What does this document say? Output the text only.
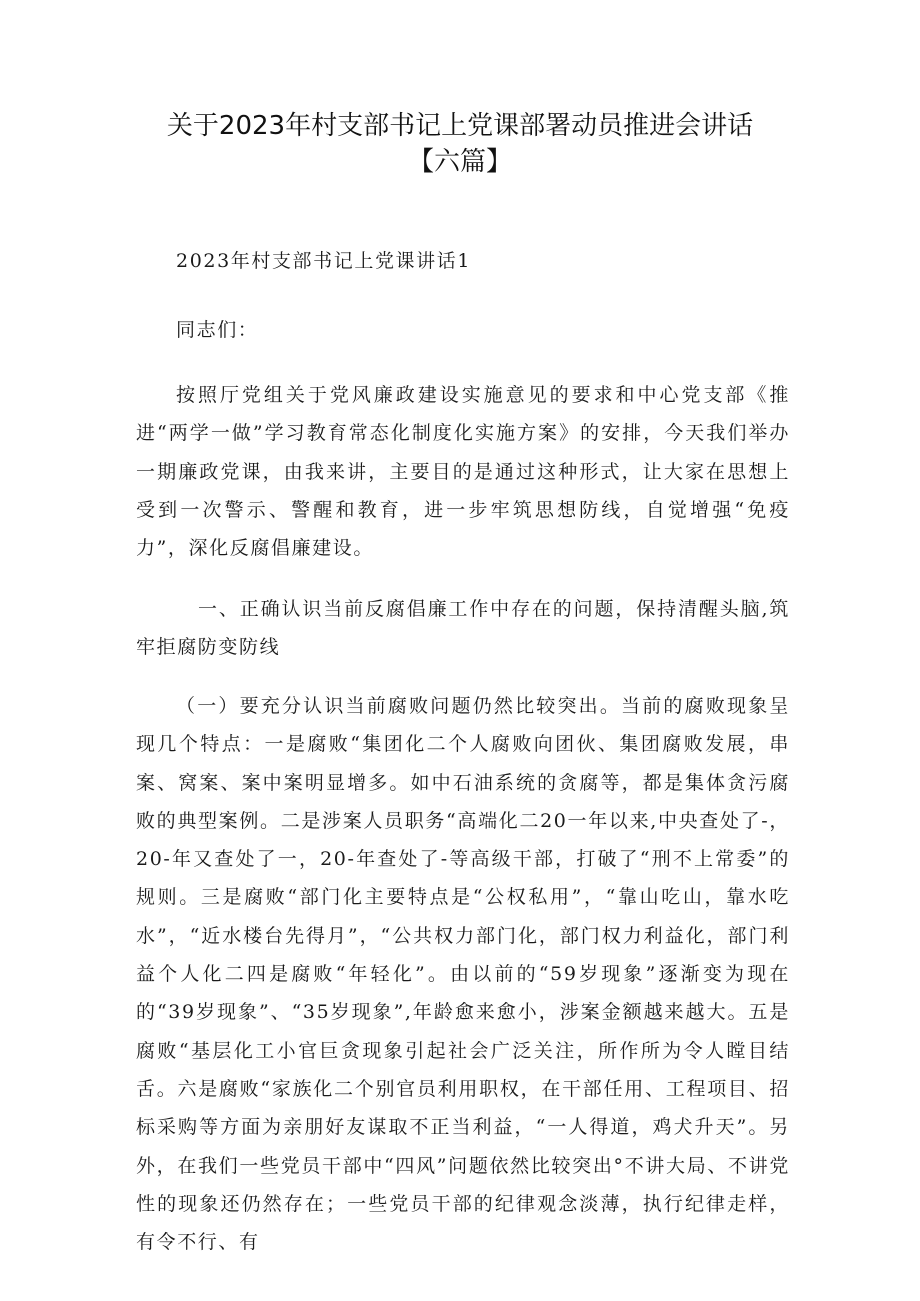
关于2023年村支部书记上党课部署动员推进会讲话
【六篇】
2023年村支部书记上党课讲话1
同志们：
按照厅党组关于党风廉政建设实施意见的要求和中心党支部《推进“两学一做”学习教育常态化制度化实施方案》的安排，今天我们举办一期廉政党课，由我来讲，主要目的是通过这种形式，让大家在思想上受到一次警示、警醒和教育，进一步牢筑思想防线，自觉增强“免疫力”，深化反腐倡廉建设。
一、正确认识当前反腐倡廉工作中存在的问题，保持清醒头脑,筑牢拒腐防变防线
（一）要充分认识当前腐败问题仍然比较突出。当前的腐败现象呈现几个特点：一是腐败“集团化二个人腐败向团伙、集团腐败发展，串案、窝案、案中案明显增多。如中石油系统的贪腐等，都是集体贪污腐败的典型案例。二是涉案人员职务“高端化二20一年以来,中央查处了-，20-年又查处了一，20-年查处了-等高级干部，打破了“刑不上常委”的规则。三是腐败“部门化主要特点是“公权私用”，“靠山吃山，靠水吃水”，“近水楼台先得月”，“公共权力部门化，部门权力利益化，部门利益个人化二四是腐败“年轻化”。由以前的“59岁现象”逐渐变为现在的“39岁现象”、“35岁现象”,年龄愈来愈小，涉案金额越来越大。五是腐败“基层化工小官巨贪现象引起社会广泛关注，所作所为令人瞠目结舌。六是腐败“家族化二个别官员利用职权，在干部任用、工程项目、招标采购等方面为亲朋好友谋取不正当利益，“一人得道，鸡犬升天”。另外，在我们一些党员干部中“四风”问题依然比较突出°不讲大局、不讲党性的现象还仍然存在；一些党员干部的纪律观念淡薄，执行纪律走样，有令不行、有
